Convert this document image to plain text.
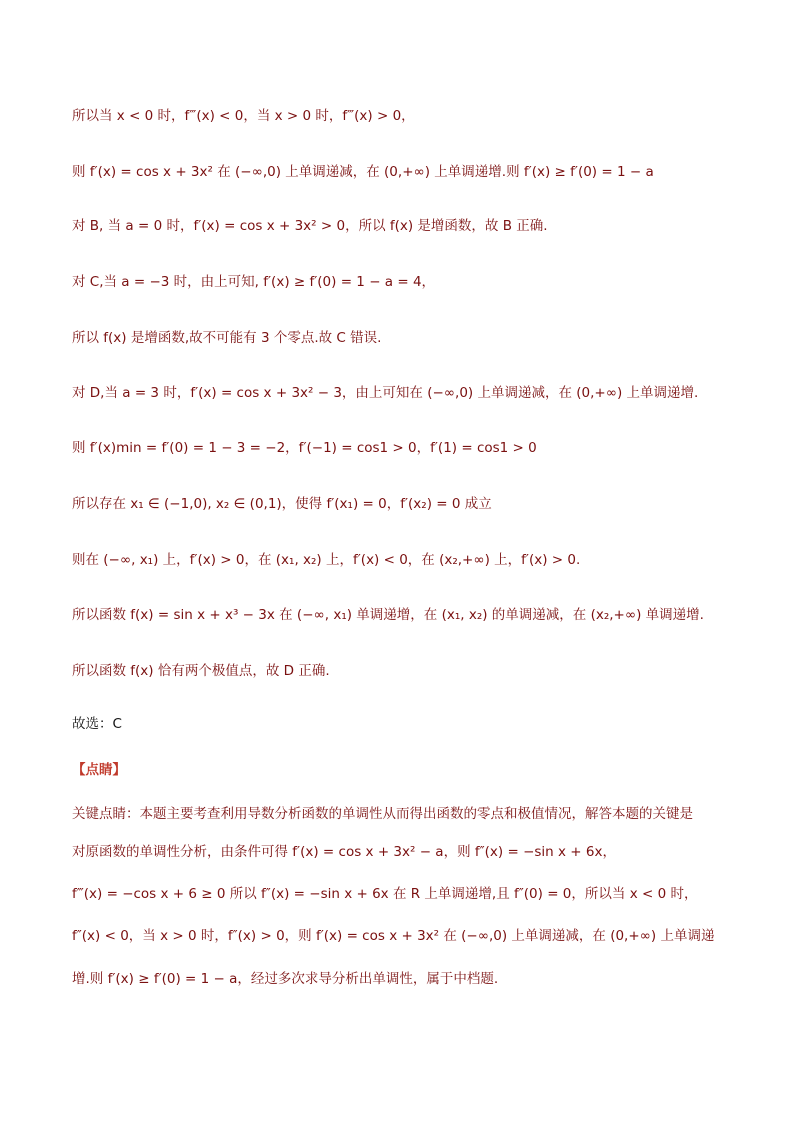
所以当 x < 0 时，f‴(x) < 0，当 x > 0 时，f‴(x) > 0，
则 f′(x) = cos x + 3x² 在 (−∞,0) 上单调递减，在 (0,+∞) 上单调递增.则 f′(x) ≥ f′(0) = 1 − a
对 B, 当 a = 0 时，f′(x) = cos x + 3x² > 0，所以 f(x) 是增函数，故 B 正确.
对 C,当 a = −3 时，由上可知, f′(x) ≥ f′(0) = 1 − a = 4，
所以 f(x) 是增函数,故不可能有 3 个零点.故 C 错误.
对 D,当 a = 3 时，f′(x) = cos x + 3x² − 3，由上可知在 (−∞,0) 上单调递减，在 (0,+∞) 上单调递增.
则 f′(x)min = f′(0) = 1 − 3 = −2，f′(−1) = cos1 > 0，f′(1) = cos1 > 0
所以存在 x₁ ∈ (−1,0), x₂ ∈ (0,1)，使得 f′(x₁) = 0，f′(x₂) = 0 成立
则在 (−∞, x₁) 上，f′(x) > 0，在 (x₁, x₂) 上，f′(x) < 0，在 (x₂,+∞) 上，f′(x) > 0.
所以函数 f(x) = sin x + x³ − 3x 在 (−∞, x₁) 单调递增，在 (x₁, x₂) 的单调递减，在 (x₂,+∞) 单调递增.
所以函数 f(x) 恰有两个极值点，故 D 正确.
故选：C
【点睛】
关键点睛：本题主要考查利用导数分析函数的单调性从而得出函数的零点和极值情况，解答本题的关键是
对原函数的单调性分析，由条件可得 f′(x) = cos x + 3x² − a，则 f″(x) = −sin x + 6x，
f‴(x) = −cos x + 6 ≥ 0 所以 f″(x) = −sin x + 6x 在 R 上单调递增,且 f″(0) = 0，所以当 x < 0 时，
f″(x) < 0，当 x > 0 时，f″(x) > 0，则 f′(x) = cos x + 3x² 在 (−∞,0) 上单调递减，在 (0,+∞) 上单调递
增.则 f′(x) ≥ f′(0) = 1 − a，经过多次求导分析出单调性，属于中档题.
